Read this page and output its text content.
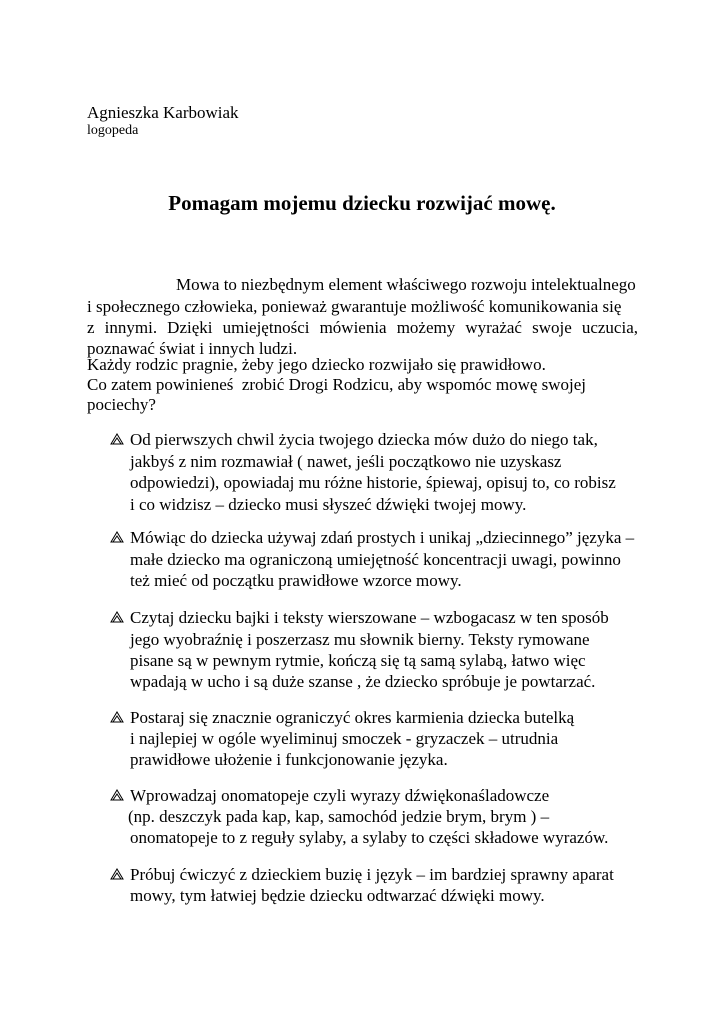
Agnieszka Karbowiak
logopeda
Pomagam mojemu dziecku rozwijać mowę.
Mowa to niezbędnym element właściwego rozwoju intelektualnego
i społecznego człowieka, ponieważ gwarantuje możliwość komunikowania się
z innymi. Dzięki umiejętności mówienia możemy wyrażać swoje uczucia,
poznawać świat i innych ludzi.
Każdy rodzic pragnie, żeby jego dziecko rozwijało się prawidłowo.
Co zatem powinieneś  zrobić Drogi Rodzicu, aby wspomóc mowę swojej
pociechy?
Od pierwszych chwil życia twojego dziecka mów dużo do niego tak,
jakbyś z nim rozmawiał ( nawet, jeśli początkowo nie uzyskasz
odpowiedzi), opowiadaj mu różne historie, śpiewaj, opisuj to, co robisz
i co widzisz – dziecko musi słyszeć dźwięki twojej mowy.
Mówiąc do dziecka używaj zdań prostych i unikaj „dziecinnego” języka –
małe dziecko ma ograniczoną umiejętność koncentracji uwagi, powinno
też mieć od początku prawidłowe wzorce mowy.
Czytaj dziecku bajki i teksty wierszowane – wzbogacasz w ten sposób
jego wyobraźnię i poszerzasz mu słownik bierny. Teksty rymowane
pisane są w pewnym rytmie, kończą się tą samą sylabą, łatwo więc
wpadają w ucho i są duże szanse , że dziecko spróbuje je powtarzać.
Postaraj się znacznie ograniczyć okres karmienia dziecka butelką
i najlepiej w ogóle wyeliminuj smoczek - gryzaczek – utrudnia
prawidłowe ułożenie i funkcjonowanie języka.
Wprowadzaj onomatopeje czyli wyrazy dźwiękonaśladowcze
(np. deszczyk pada kap, kap, samochód jedzie brym, brym ) –
onomatopeje to z reguły sylaby, a sylaby to części składowe wyrazów.
Próbuj ćwiczyć z dzieckiem buzię i język – im bardziej sprawny aparat
mowy, tym łatwiej będzie dziecku odtwarzać dźwięki mowy.
